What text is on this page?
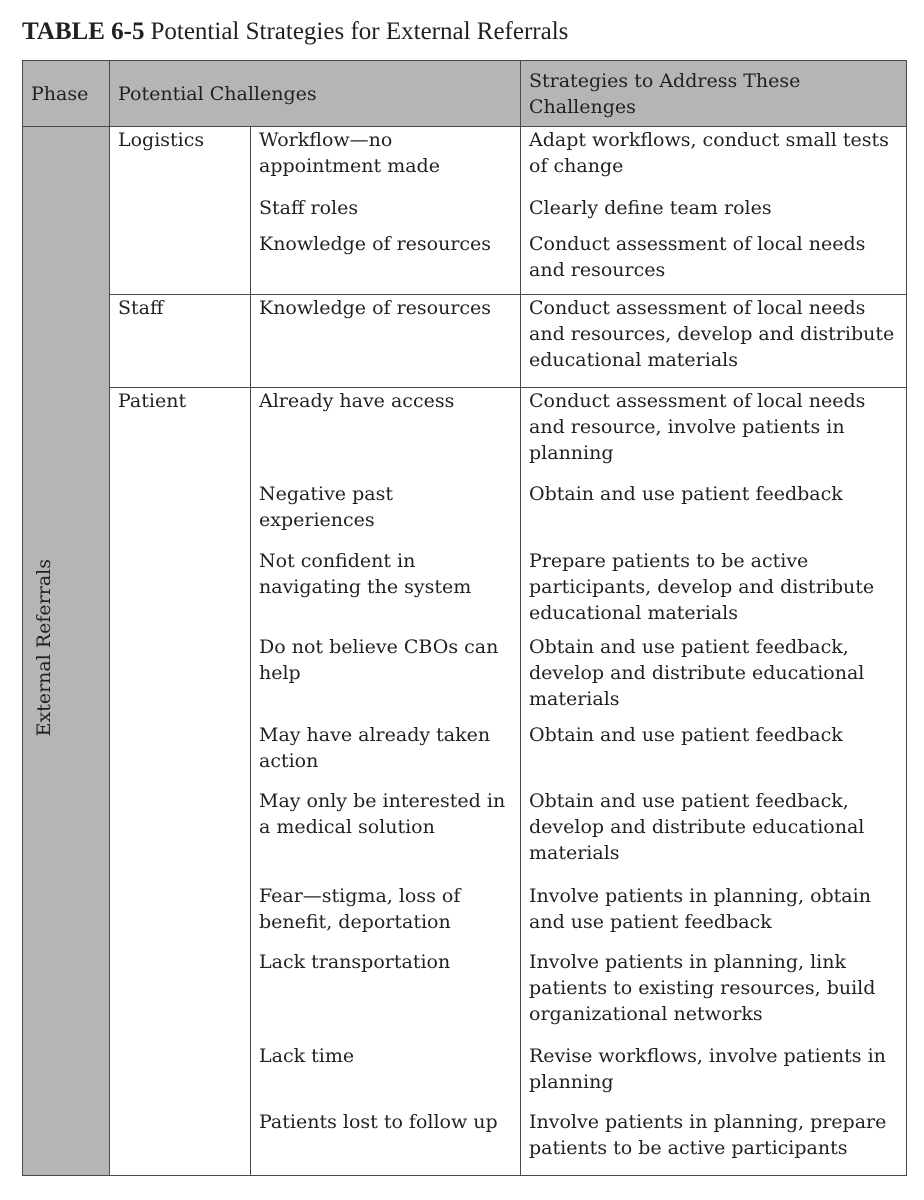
TABLE 6-5 Potential Strategies for External Referrals
Phase	Potential Challenges		Strategies to Address These Challenges
External Referrals	Logistics	Workflow—no appointment made	Adapt workflows, conduct small tests of change
		Staff roles	Clearly define team roles
		Knowledge of resources	Conduct assessment of local needs and resources
	Staff	Knowledge of resources	Conduct assessment of local needs and resources, develop and distribute educational materials
	Patient	Already have access	Conduct assessment of local needs and resource, involve patients in planning
		Negative past experiences	Obtain and use patient feedback
		Not confident in navigating the system	Prepare patients to be active participants, develop and distribute educational materials
		Do not believe CBOs can help	Obtain and use patient feedback, develop and distribute educational materials
		May have already taken action	Obtain and use patient feedback
		May only be interested in a medical solution	Obtain and use patient feedback, develop and distribute educational materials
		Fear—stigma, loss of benefit, deportation	Involve patients in planning, obtain and use patient feedback
		Lack transportation	Involve patients in planning, link patients to existing resources, build organizational networks
		Lack time	Revise workflows, involve patients in planning
		Patients lost to follow up	Involve patients in planning, prepare patients to be active participants
